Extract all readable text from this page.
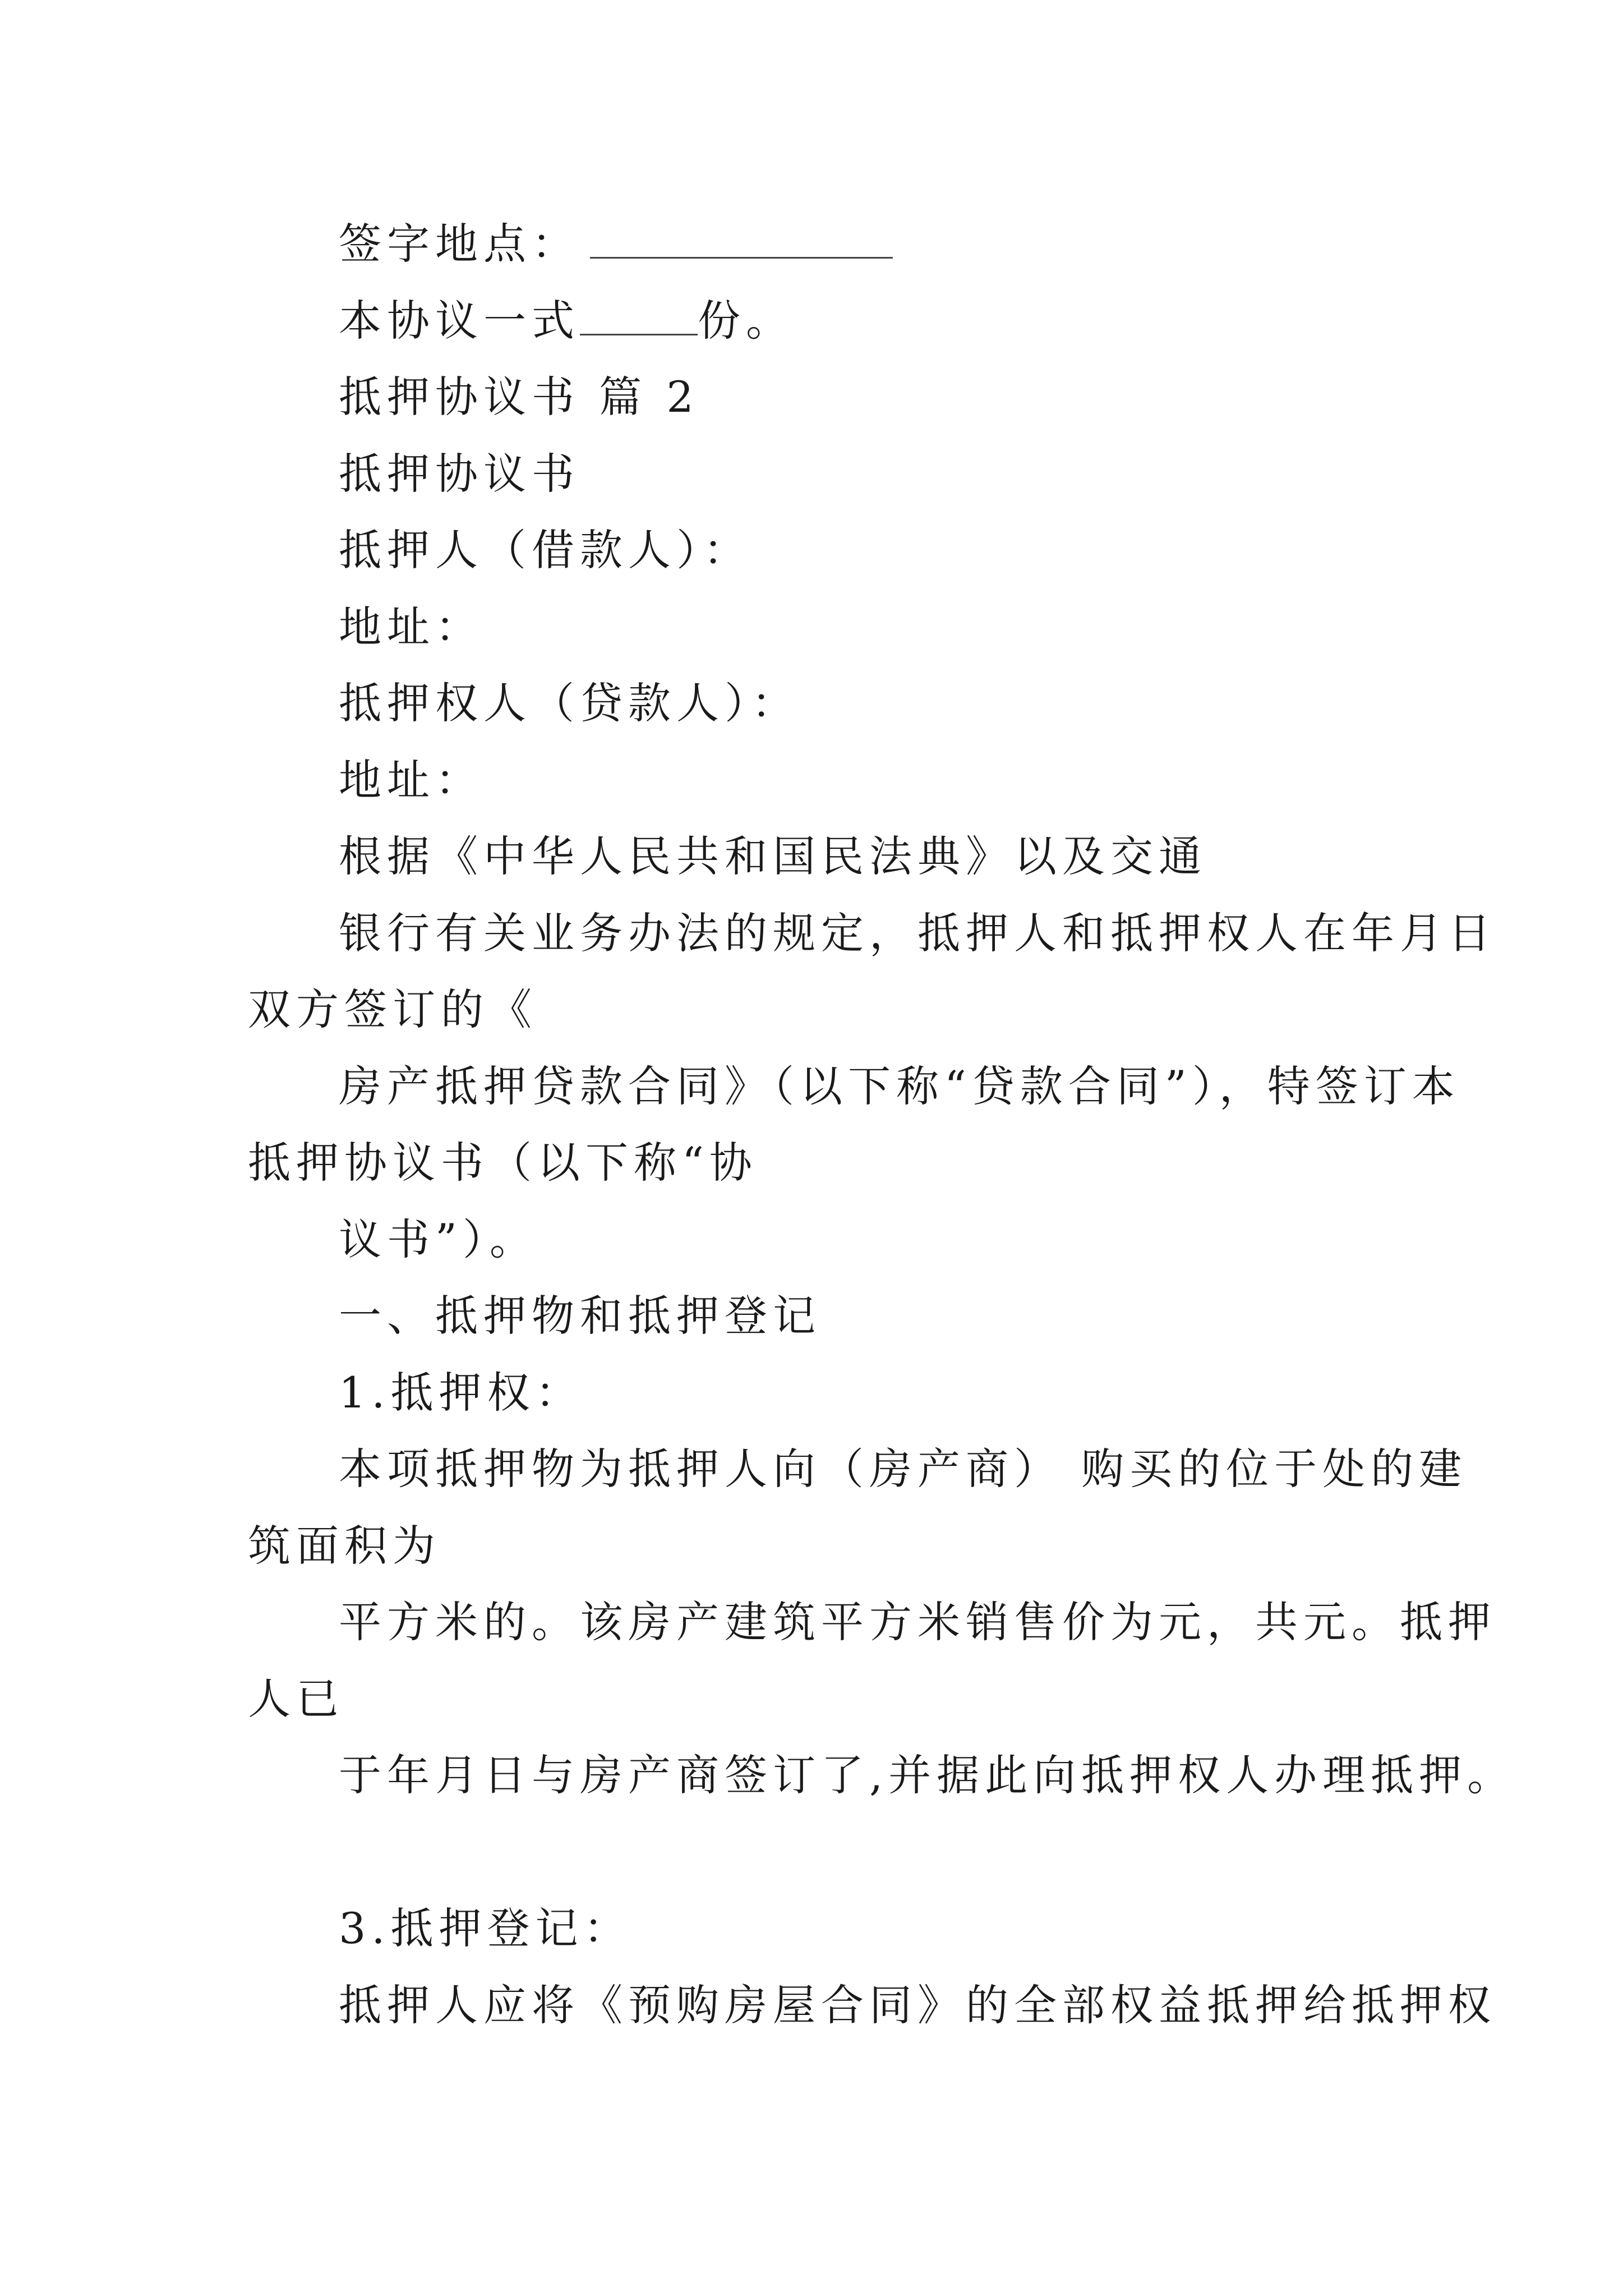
签字地点：

本协议一式	份。

抵押协议书 篇 2

抵押协议书

抵押人（借款人）：

地址：

抵押权人（贷款人）：

地址：

根据《中华人民共和国民法典》以及交通

银行有关业务办法的规定，抵押人和抵押权人在年月日

双方签订的《

房产抵押贷款合同》（以下称“贷款合同”），特签订本

抵押协议书（以下称“协

议书”）。

一、抵押物和抵押登记

1.抵押权：

本项抵押物为抵押人向（房产商） 购买的位于处的建

筑面积为

平方米的。该房产建筑平方米销售价为元，共元。抵押

人已

于年月日与房产商签订了,并据此向抵押权人办理抵押。

3.抵押登记：

抵押人应将《预购房屋合同》的全部权益抵押给抵押权
